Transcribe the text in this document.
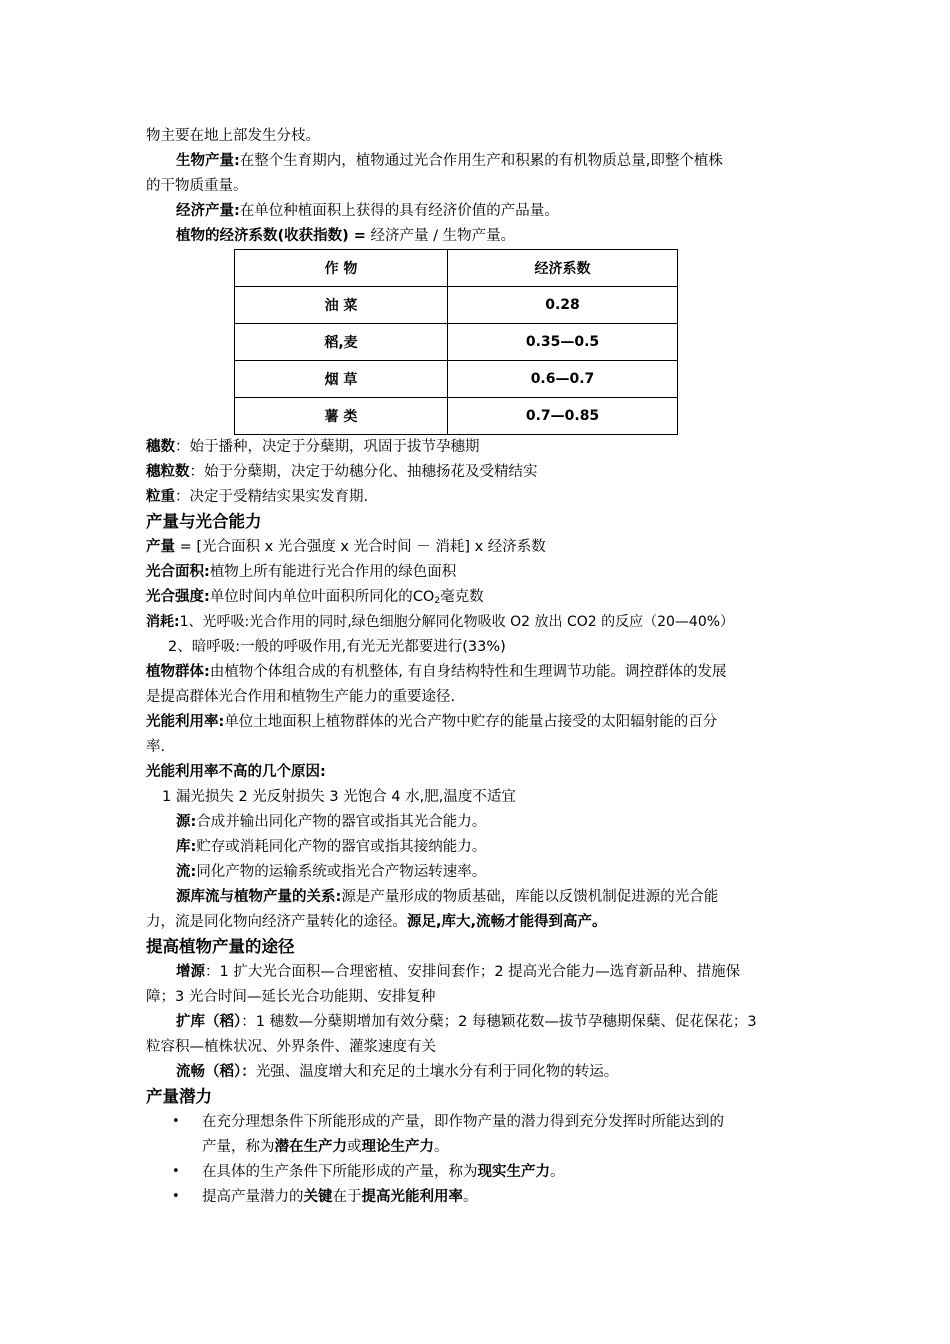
物主要在地上部发生分枝。
生物产量:在整个生育期内，植物通过光合作用生产和积累的有机物质总量,即整个植株
的干物质重量。
经济产量:在单位种植面积上获得的具有经济价值的产品量。
植物的经济系数(收获指数) = 经济产量 / 生物产量。
作 物	经济系数
油 菜	0.28
稻,麦	0.35—0.5
烟 草	0.6—0.7
薯 类	0.7—0.85
穗数：始于播种，决定于分蘖期，巩固于拔节孕穗期
穗粒数：始于分蘖期，决定于幼穗分化、抽穗扬花及受精结实
粒重：决定于受精结实果实发育期.
产量与光合能力
产量 = [光合面积 x 光合强度 x 光合时间 － 消耗] x 经济系数
光合面积:植物上所有能进行光合作用的绿色面积
光合强度:单位时间内单位叶面积所同化的$CO_2$毫克数
消耗:1、光呼吸:光合作用的同时,绿色细胞分解同化物吸收 O2 放出 CO2 的反应（20—40%）
2、暗呼吸:一般的呼吸作用,有光无光都要进行(33%)
植物群体:由植物个体组合成的有机整体, 有自身结构特性和生理调节功能。调控群体的发展
是提高群体光合作用和植物生产能力的重要途径.
光能利用率:单位土地面积上植物群体的光合产物中贮存的能量占接受的太阳辐射能的百分
率.
光能利用率不高的几个原因:
1 漏光损失 2 光反射损失 3 光饱合 4 水,肥,温度不适宜
源:合成并输出同化产物的器官或指其光合能力。
库:贮存或消耗同化产物的器官或指其接纳能力。
流:同化产物的运输系统或指光合产物运转速率。
源库流与植物产量的关系:源是产量形成的物质基础，库能以反馈机制促进源的光合能
力，流是同化物向经济产量转化的途径。源足,库大,流畅才能得到高产。
提高植物产量的途径
增源：1 扩大光合面积—合理密植、安排间套作；2 提高光合能力—选育新品种、措施保
障；3 光合时间—延长光合功能期、安排复种
扩库（稻）：1 穗数—分蘖期增加有效分蘖；2 每穗颖花数—拔节孕穗期保蘖、促花保花；3
粒容积—植株状况、外界条件、灌浆速度有关
流畅（稻）：光强、温度增大和充足的土壤水分有利于同化物的转运。
产量潜力
• 在充分理想条件下所能形成的产量，即作物产量的潜力得到充分发挥时所能达到的
产量，称为潜在生产力或理论生产力。
• 在具体的生产条件下所能形成的产量，称为现实生产力。
• 提高产量潜力的关键在于提高光能利用率。
